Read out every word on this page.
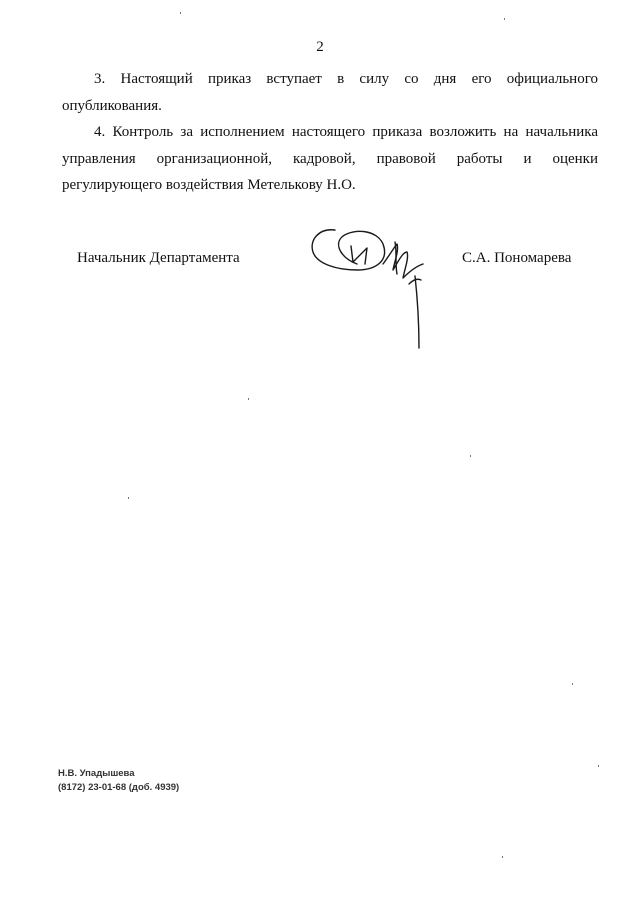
2
3. Настоящий приказ вступает в силу со дня его официального
опубликования.
4. Контроль за исполнением настоящего приказа возложить на начальника
управления организационной, кадровой, правовой работы и оценки
регулирующего воздействия Метелькову Н.О.
Начальник Департамента	С.А. Пономарева
Н.В. Упадышева
(8172) 23-01-68 (доб. 4939)
